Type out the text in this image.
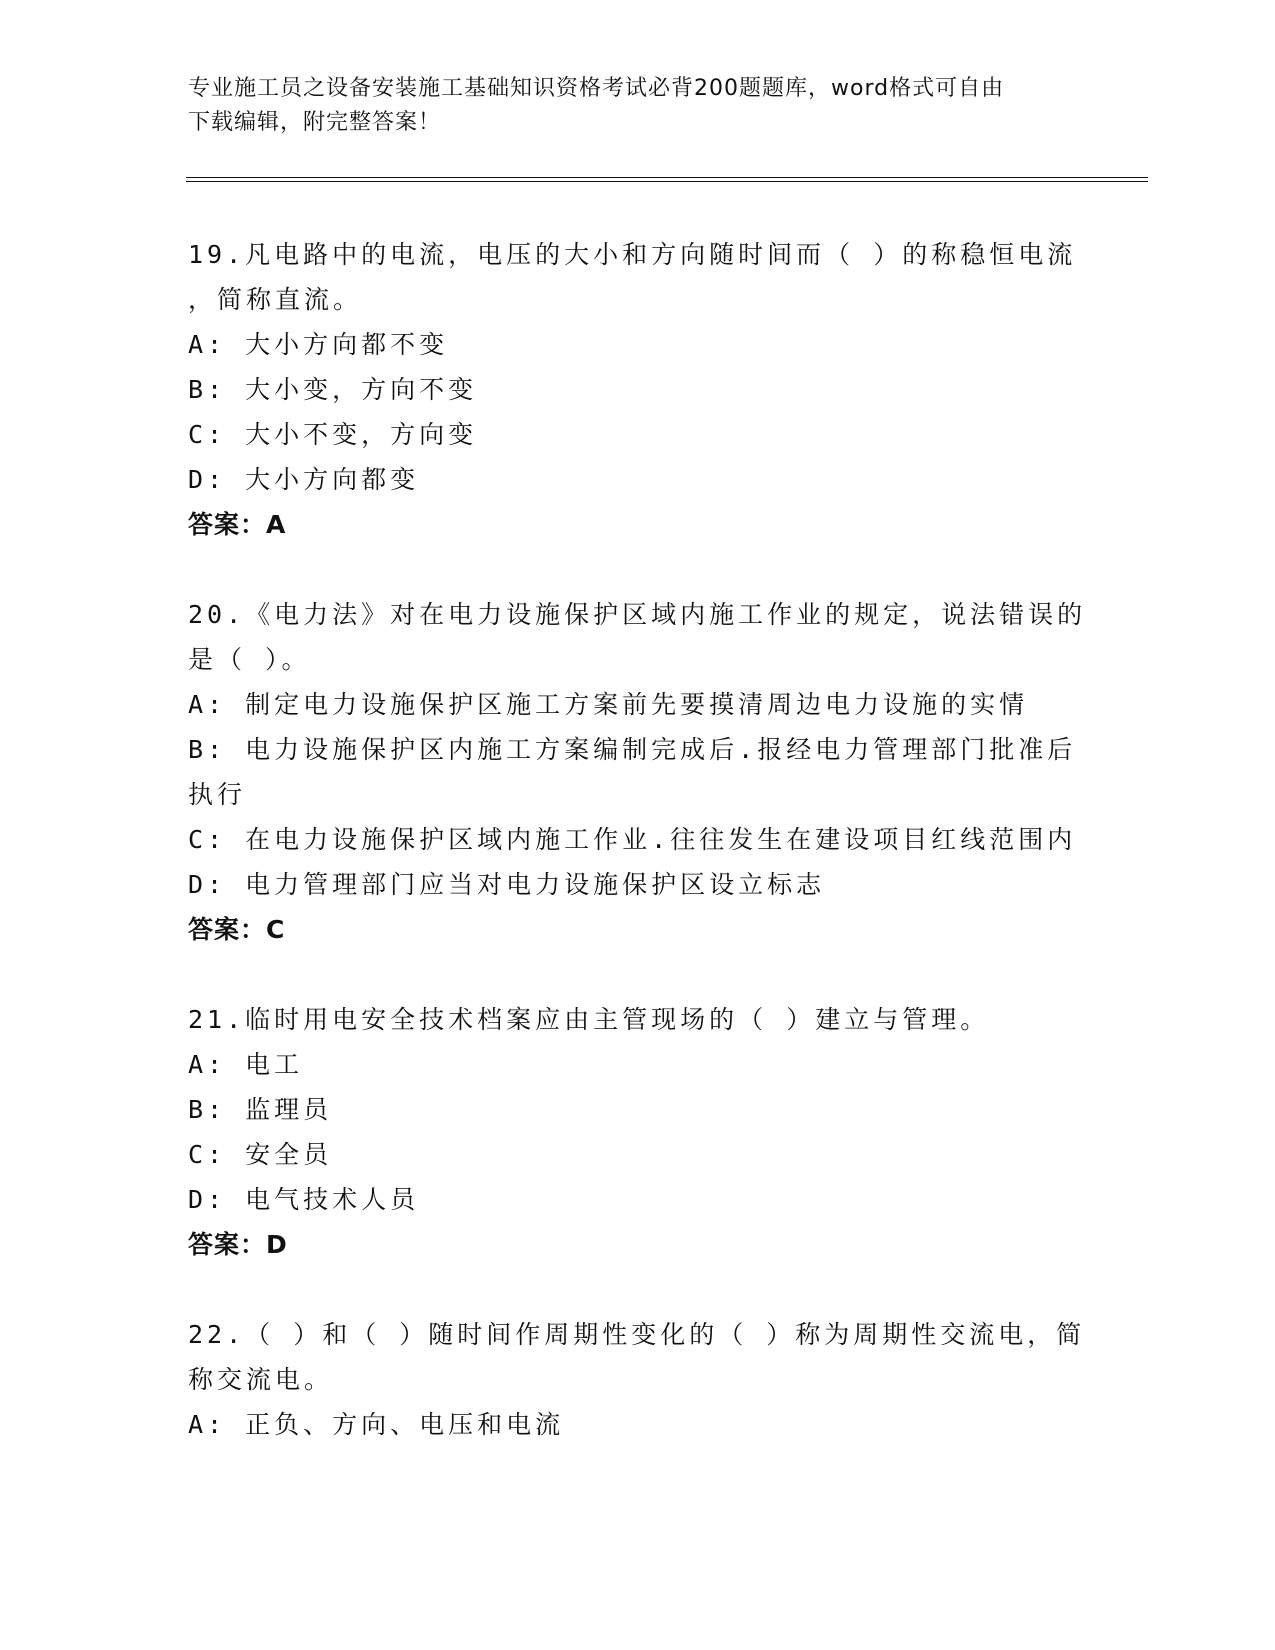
专业施工员之设备安装施工基础知识资格考试必背200题题库，word格式可自由
下载编辑，附完整答案！
19.凡电路中的电流，电压的大小和方向随时间而（ ）的称稳恒电流
，简称直流。
A: 大小方向都不变
B: 大小变，方向不变
C: 大小不变，方向变
D: 大小方向都变
答案：A
20.《电力法》对在电力设施保护区域内施工作业的规定，说法错误的
是（ ）。
A: 制定电力设施保护区施工方案前先要摸清周边电力设施的实情
B: 电力设施保护区内施工方案编制完成后.报经电力管理部门批准后
执行
C: 在电力设施保护区域内施工作业.往往发生在建设项目红线范围内
D: 电力管理部门应当对电力设施保护区设立标志
答案：C
21.临时用电安全技术档案应由主管现场的（ ）建立与管理。
A: 电工
B: 监理员
C: 安全员
D: 电气技术人员
答案：D
22.（ ）和（ ）随时间作周期性变化的（ ）称为周期性交流电，简
称交流电。
A: 正负、方向、电压和电流
